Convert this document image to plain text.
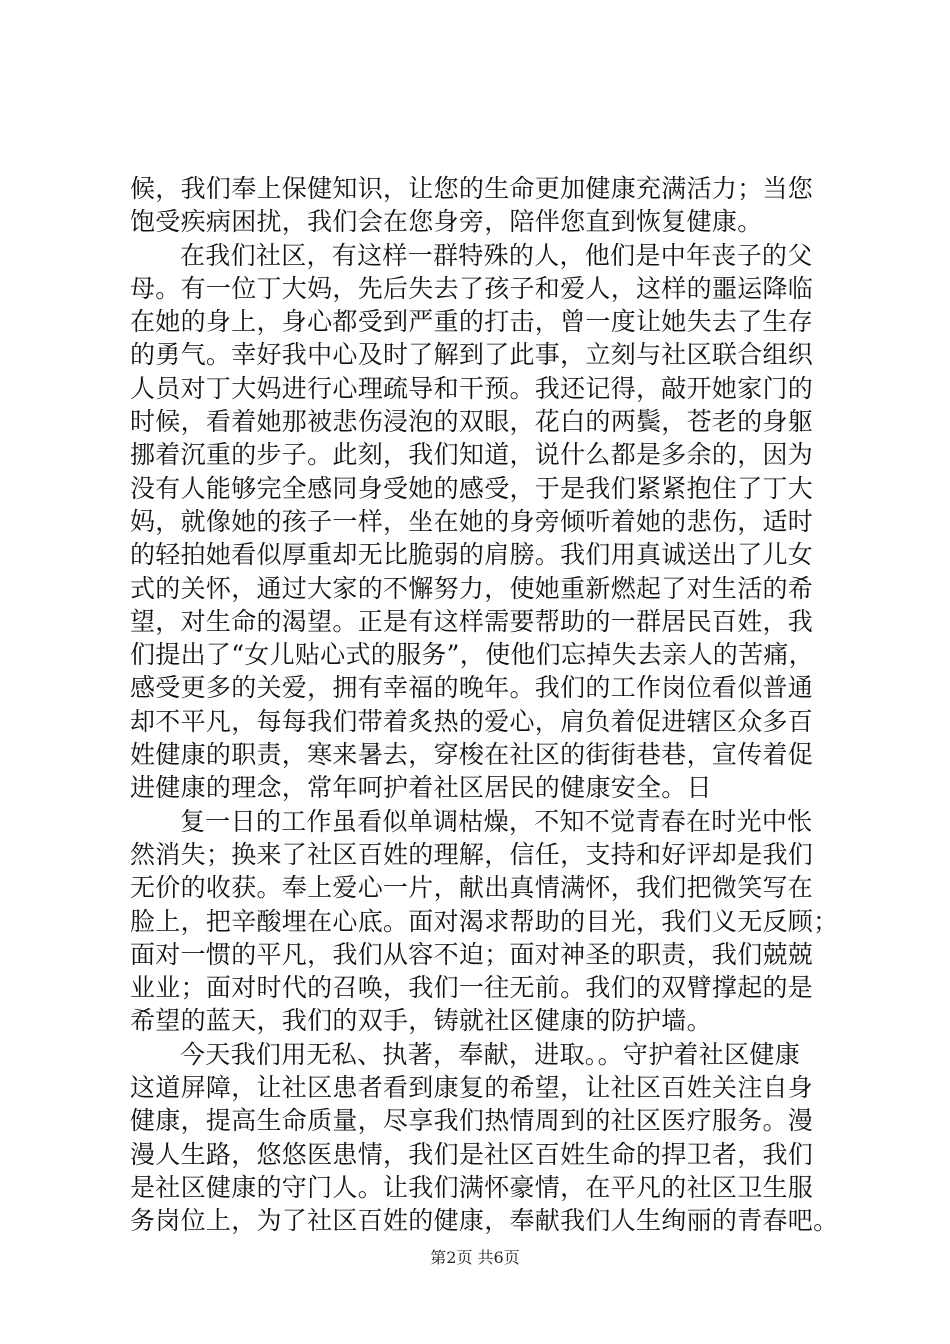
候，我们奉上保健知识，让您的生命更加健康充满活力；当您
饱受疾病困扰，我们会在您身旁，陪伴您直到恢复健康。
在我们社区，有这样一群特殊的人，他们是中年丧子的父
母。有一位丁大妈，先后失去了孩子和爱人，这样的噩运降临
在她的身上，身心都受到严重的打击，曾一度让她失去了生存
的勇气。幸好我中心及时了解到了此事，立刻与社区联合组织
人员对丁大妈进行心理疏导和干预。我还记得，敲开她家门的
时候，看着她那被悲伤浸泡的双眼，花白的两鬓，苍老的身躯
挪着沉重的步子。此刻，我们知道，说什么都是多余的，因为
没有人能够完全感同身受她的感受，于是我们紧紧抱住了丁大
妈，就像她的孩子一样，坐在她的身旁倾听着她的悲伤，适时
的轻拍她看似厚重却无比脆弱的肩膀。我们用真诚送出了儿女
式的关怀，通过大家的不懈努力，使她重新燃起了对生活的希
望，对生命的渴望。正是有这样需要帮助的一群居民百姓，我
们提出了“女儿贴心式的服务”，使他们忘掉失去亲人的苦痛，
感受更多的关爱，拥有幸福的晚年。我们的工作岗位看似普通
却不平凡，每每我们带着炙热的爱心，肩负着促进辖区众多百
姓健康的职责，寒来暑去，穿梭在社区的街街巷巷，宣传着促
进健康的理念，常年呵护着社区居民的健康安全。日
复一日的工作虽看似单调枯燥，不知不觉青春在时光中怅
然消失；换来了社区百姓的理解，信任，支持和好评却是我们
无价的收获。奉上爱心一片，献出真情满怀，我们把微笑写在
脸上，把辛酸埋在心底。面对渴求帮助的目光，我们义无反顾；
面对一惯的平凡，我们从容不迫；面对神圣的职责，我们兢兢
业业；面对时代的召唤，我们一往无前。我们的双臂撑起的是
希望的蓝天，我们的双手，铸就社区健康的防护墙。
今天我们用无私、执著，奉献，进取。。守护着社区健康
这道屏障，让社区患者看到康复的希望，让社区百姓关注自身
健康，提高生命质量，尽享我们热情周到的社区医疗服务。漫
漫人生路，悠悠医患情，我们是社区百姓生命的捍卫者，我们
是社区健康的守门人。让我们满怀豪情，在平凡的社区卫生服
务岗位上，为了社区百姓的健康，奉献我们人生绚丽的青春吧。
第2页 共6页
